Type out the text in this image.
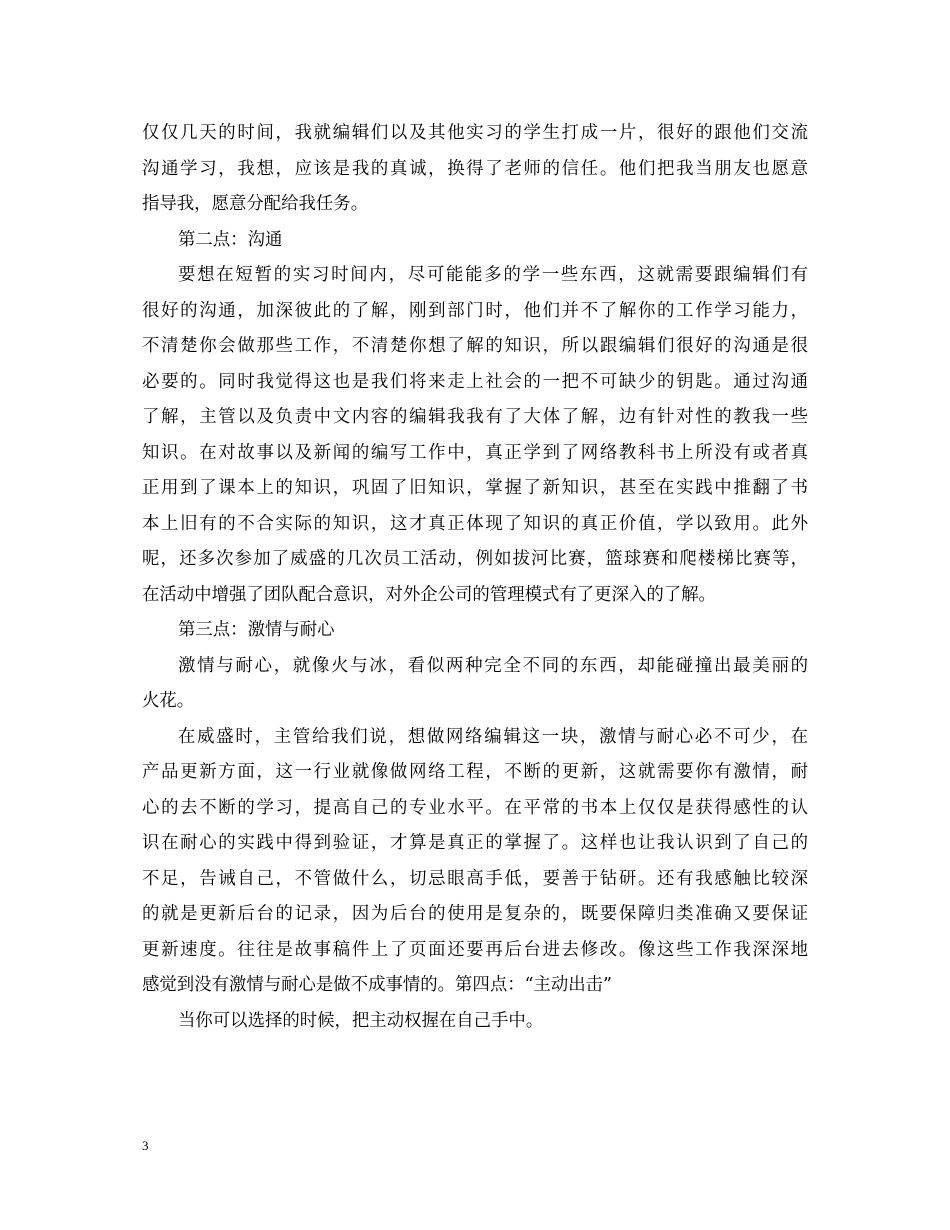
仅仅几天的时间，我就编辑们以及其他实习的学生打成一片，很好的跟他们交流
沟通学习，我想，应该是我的真诚，换得了老师的信任。他们把我当朋友也愿意
指导我，愿意分配给我任务。
第二点：沟通
要想在短暂的实习时间内，尽可能能多的学一些东西，这就需要跟编辑们有
很好的沟通，加深彼此的了解，刚到部门时，他们并不了解你的工作学习能力，
不清楚你会做那些工作，不清楚你想了解的知识，所以跟编辑们很好的沟通是很
必要的。同时我觉得这也是我们将来走上社会的一把不可缺少的钥匙。通过沟通
了解，主管以及负责中文内容的编辑我我有了大体了解，边有针对性的教我一些
知识。在对故事以及新闻的编写工作中，真正学到了网络教科书上所没有或者真
正用到了课本上的知识，巩固了旧知识，掌握了新知识，甚至在实践中推翻了书
本上旧有的不合实际的知识，这才真正体现了知识的真正价值，学以致用。此外
呢，还多次参加了威盛的几次员工活动，例如拔河比赛，篮球赛和爬楼梯比赛等，
在活动中增强了团队配合意识，对外企公司的管理模式有了更深入的了解。
第三点：激情与耐心
激情与耐心，就像火与冰，看似两种完全不同的东西，却能碰撞出最美丽的
火花。
在威盛时，主管给我们说，想做网络编辑这一块，激情与耐心必不可少，在
产品更新方面，这一行业就像做网络工程，不断的更新，这就需要你有激情，耐
心的去不断的学习，提高自己的专业水平。在平常的书本上仅仅是获得感性的认
识在耐心的实践中得到验证，才算是真正的掌握了。这样也让我认识到了自己的
不足，告诫自己，不管做什么，切忌眼高手低，要善于钻研。还有我感触比较深
的就是更新后台的记录，因为后台的使用是复杂的，既要保障归类准确又要保证
更新速度。往往是故事稿件上了页面还要再后台进去修改。像这些工作我深深地
感觉到没有激情与耐心是做不成事情的。第四点：“主动出击”
当你可以选择的时候，把主动权握在自己手中。
3
